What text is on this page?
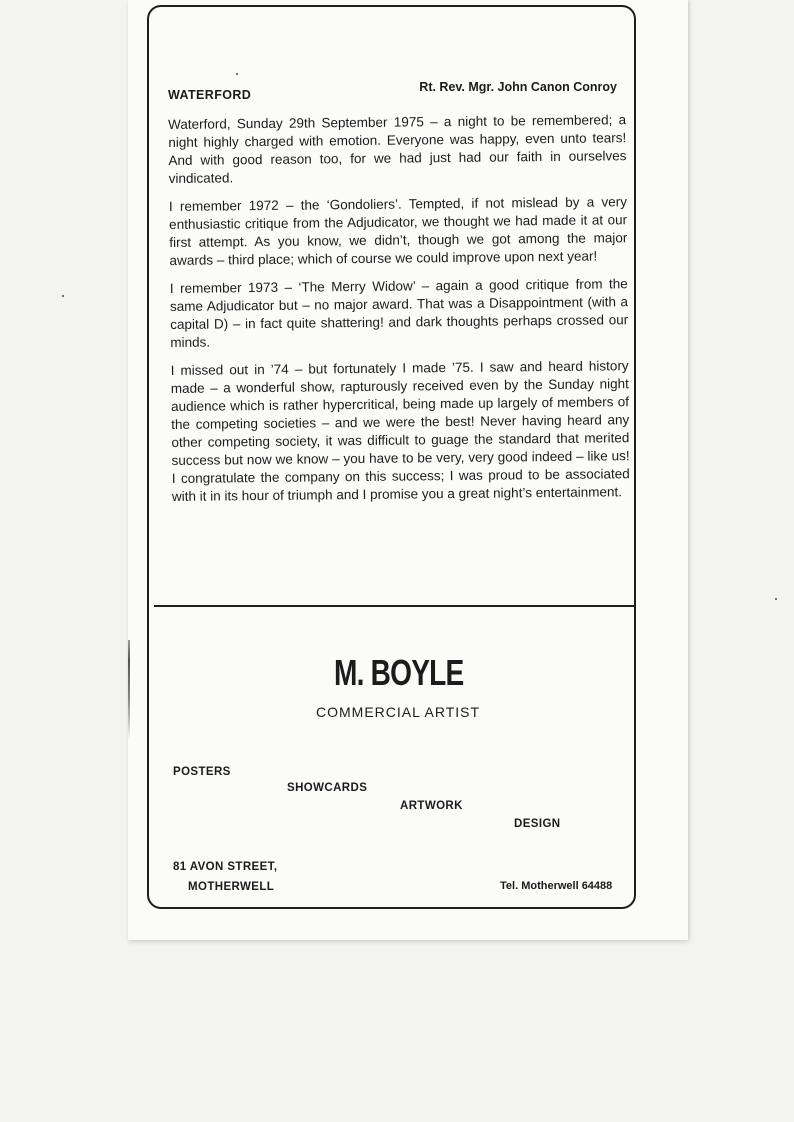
WATERFORD
Rt. Rev. Mgr. John Canon Conroy

Waterford, Sunday 29th September 1975 – a night to be remembered; a night highly charged with emotion. Everyone was happy, even unto tears! And with good reason too, for we had just had our faith in ourselves vindicated.

I remember 1972 – the ‘Gondoliers’. Tempted, if not mislead by a very enthusiastic critique from the Adjudicator, we thought we had made it at our first attempt. As you know, we didn’t, though we got among the major awards – third place; which of course we could improve upon next year!

I remember 1973 – ‘The Merry Widow’ – again a good critique from the same Adjudicator but – no major award. That was a Disappointment (with a capital D) – in fact quite shattering! and dark thoughts perhaps crossed our minds.

I missed out in ’74 – but fortunately I made ’75. I saw and heard history made – a wonderful show, rapturously received even by the Sunday night audience which is rather hypercritical, being made up largely of members of the competing societies – and we were the best! Never having heard any other competing society, it was difficult to guage the standard that merited success but now we know – you have to be very, very good indeed – like us! I congratulate the company on this success; I was proud to be associated with it in its hour of triumph and I promise you a great night’s entertainment.

M. BOYLE
COMMERCIAL ARTIST
POSTERS
SHOWCARDS
ARTWORK
DESIGN
81 AVON STREET,
MOTHERWELL	Tel. Motherwell 64488
